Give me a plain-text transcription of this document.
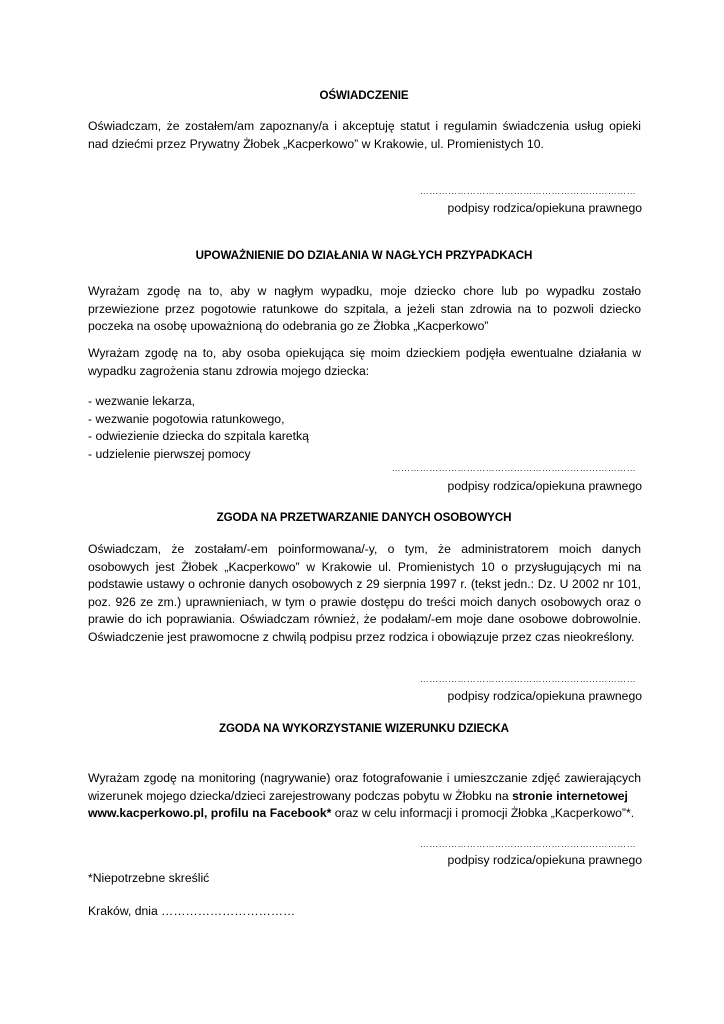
OŚWIADCZENIE
Oświadczam, że zostałem/am zapoznany/a i akceptuję statut i regulamin świadczenia usług opieki
nad dziećmi przez Prywatny Żłobek „Kacperkowo” w Krakowie, ul. Promienistych 10.
……………………………………………………………
podpisy rodzica/opiekuna prawnego
UPOWAŻNIENIE DO DZIAŁANIA W NAGŁYCH PRZYPADKACH
Wyrażam zgodę na to, aby w nagłym wypadku, moje dziecko chore lub po wypadku zostało
przewiezione przez pogotowie ratunkowe do szpitala, a jeżeli stan zdrowia na to pozwoli dziecko
poczeka na osobę upoważnioną do odebrania go ze Żłobka „Kacperkowo”
Wyrażam zgodę na to, aby osoba opiekująca się moim dzieckiem podjęła ewentualne działania w
wypadku zagrożenia stanu zdrowia mojego dziecka:
- wezwanie lekarza,
- wezwanie pogotowia ratunkowego,
- odwiezienie dziecka do szpitala karetką
- udzielenie pierwszej pomocy
……………………………………………………………………
podpisy rodzica/opiekuna prawnego
ZGODA NA PRZETWARZANIE DANYCH OSOBOWYCH
Oświadczam, że zostałam/-em poinformowana/-y, o tym, że administratorem moich danych
osobowych jest Żłobek „Kacperkowo” w Krakowie ul. Promienistych 10 o przysługujących mi na
podstawie ustawy o ochronie danych osobowych z 29 sierpnia 1997 r. (tekst jedn.: Dz. U 2002 nr 101,
poz. 926 ze zm.) uprawnieniach, w tym o prawie dostępu do treści moich danych osobowych oraz o
prawie do ich poprawiania. Oświadczam również, że podałam/-em moje dane osobowe dobrowolnie.
Oświadczenie jest prawomocne z chwilą podpisu przez rodzica i obowiązuje przez czas nieokreślony.
……………………………………………………………
podpisy rodzica/opiekuna prawnego
ZGODA NA WYKORZYSTANIE WIZERUNKU DZIECKA
Wyrażam zgodę na monitoring (nagrywanie) oraz fotografowanie i umieszczanie zdjęć zawierających
wizerunek mojego dziecka/dzieci zarejestrowany podczas pobytu w Żłobku na stronie internetowej
www.kacperkowo.pl, profilu na Facebook* oraz w celu informacji i promocji Żłobka „Kacperkowo”*.
……………………………………………………………
podpisy rodzica/opiekuna prawnego
*Niepotrzebne skreślić
Kraków, dnia ……………………………
